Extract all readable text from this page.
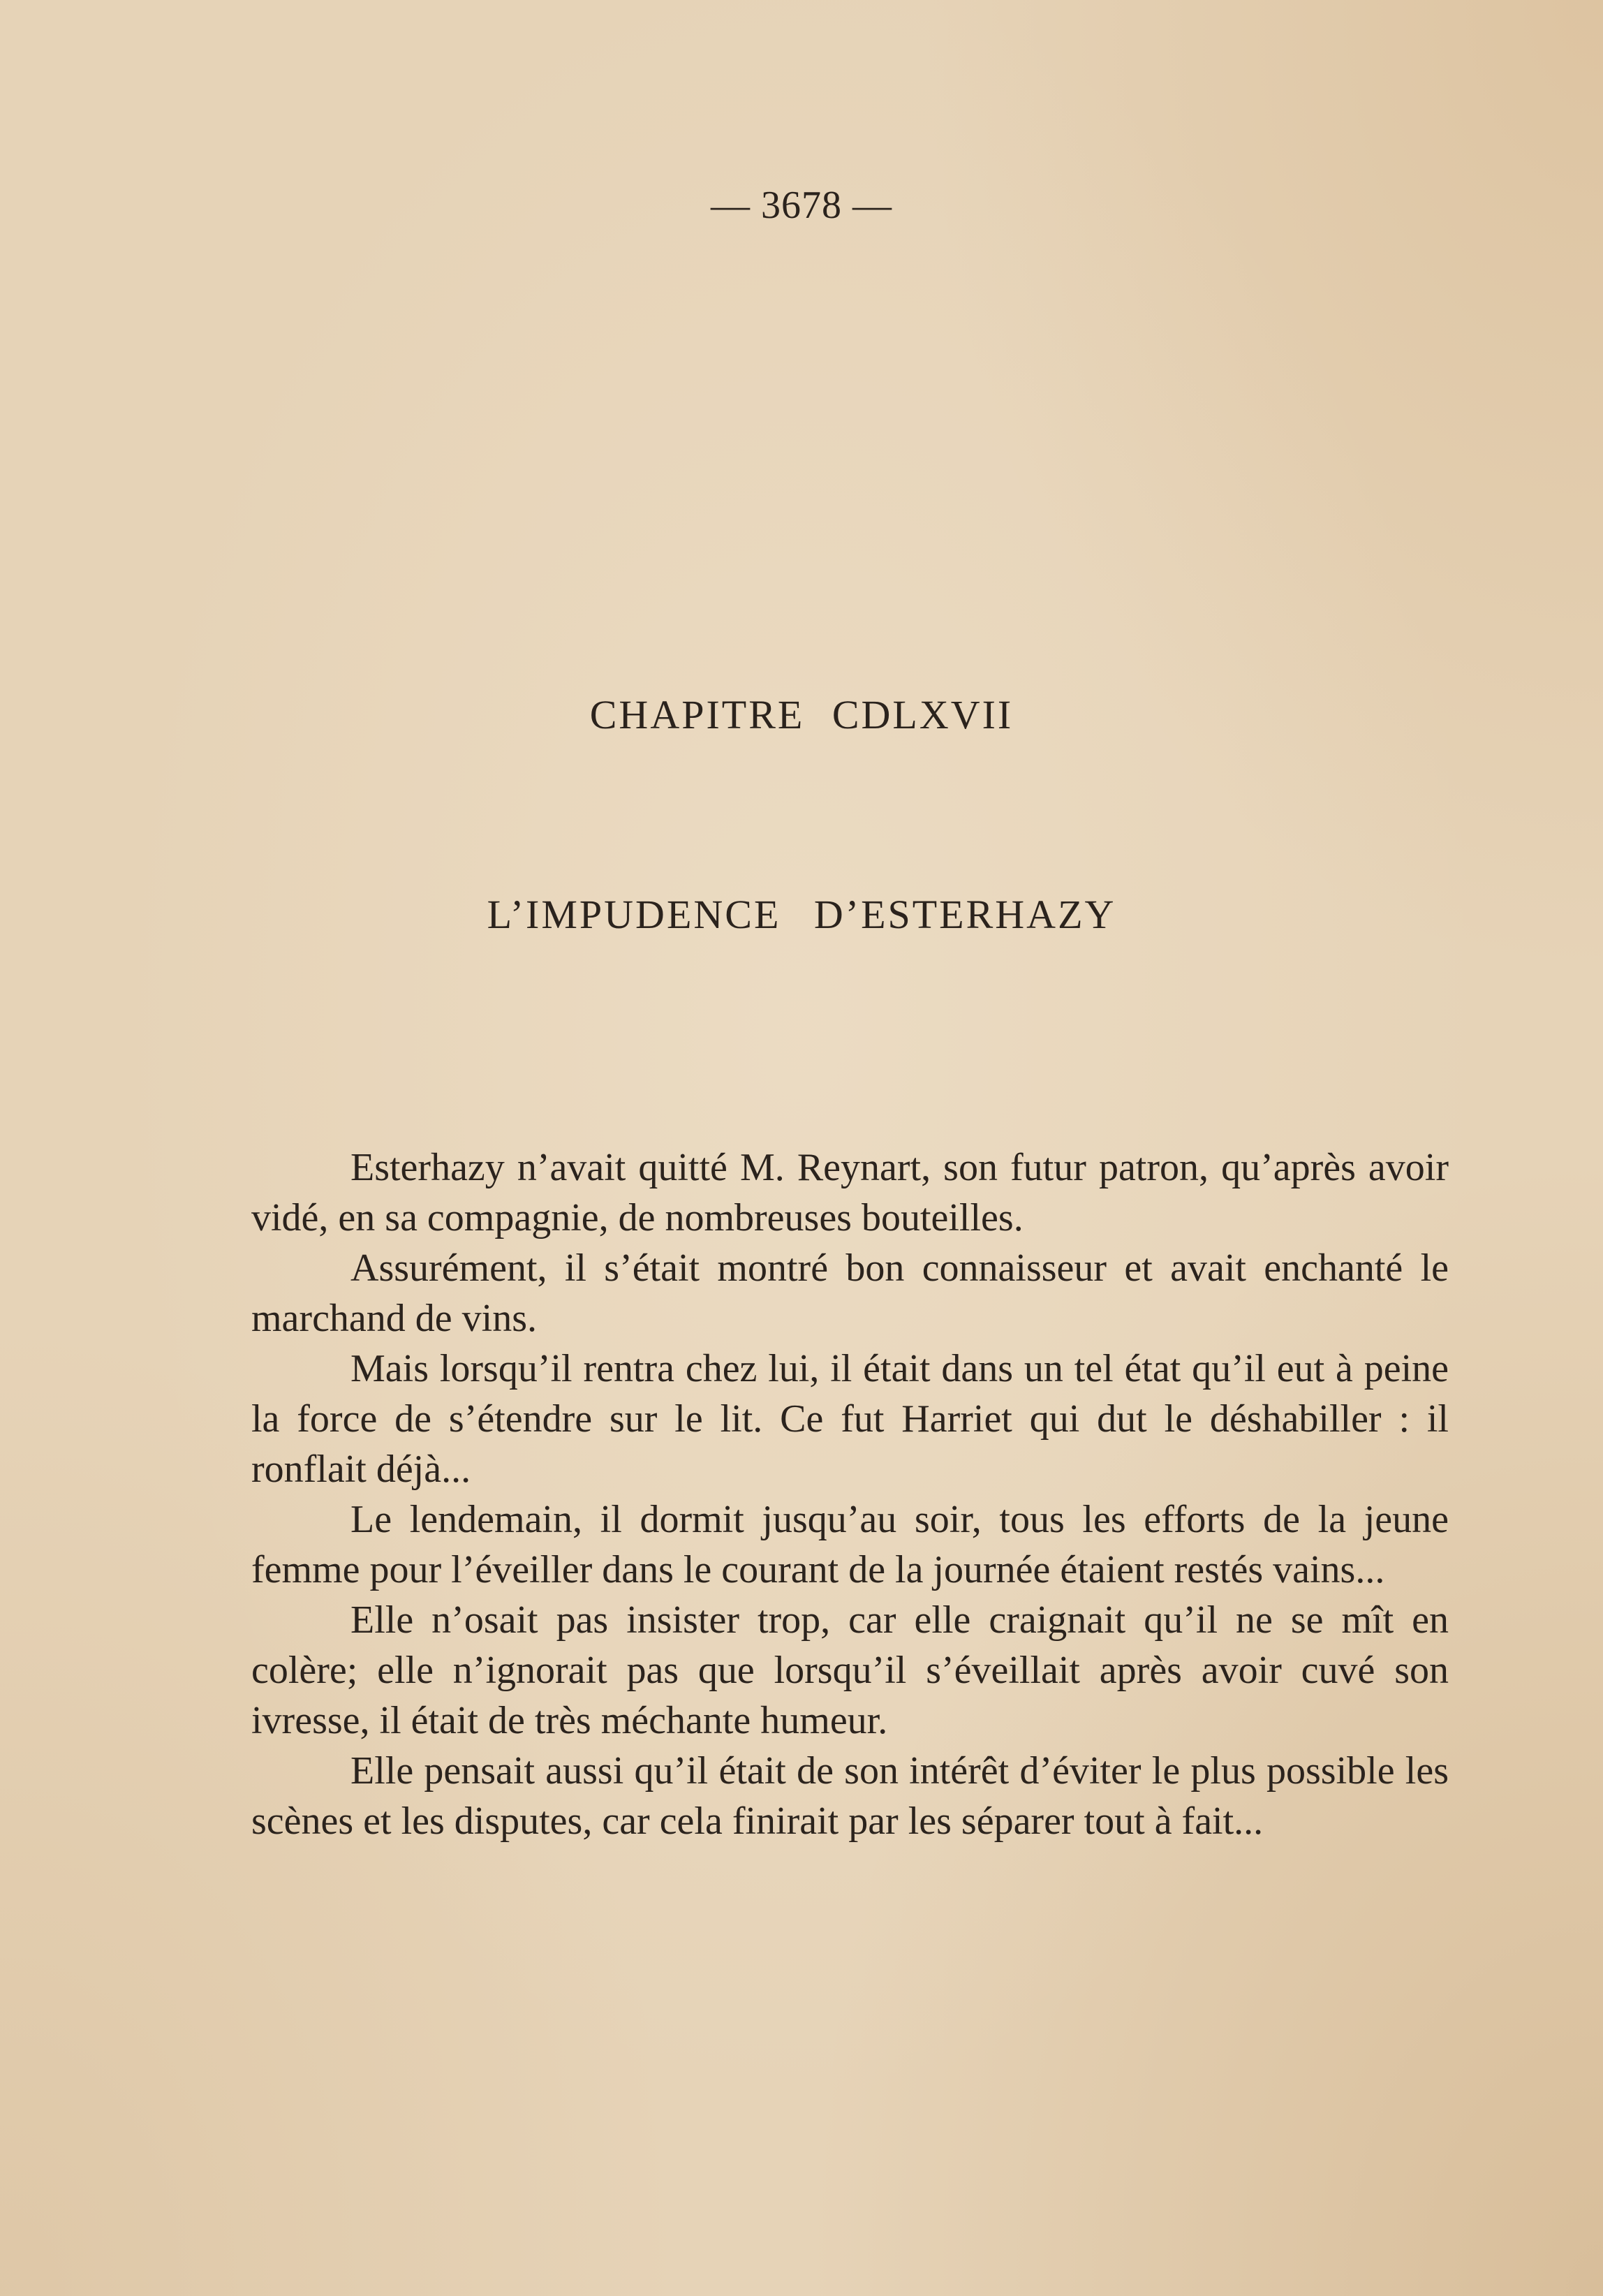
— 3678 —
CHAPITRE CDLXVII
L’IMPUDENCE D’ESTERHAZY

Esterhazy n’avait quitté M. Reynart, son futur patron, qu’après avoir vidé, en sa compagnie, de nombreuses bouteilles.

Assurément, il s’était montré bon connaisseur et avait enchanté le marchand de vins.

Mais lorsqu’il rentra chez lui, il était dans un tel état qu’il eut à peine la force de s’étendre sur le lit. Ce fut Harriet qui dut le déshabiller : il ronflait déjà...

Le lendemain, il dormit jusqu’au soir, tous les efforts de la jeune femme pour l’éveiller dans le courant de la journée étaient restés vains...

Elle n’osait pas insister trop, car elle craignait qu’il ne se mît en colère; elle n’ignorait pas que lorsqu’il s’éveillait après avoir cuvé son ivresse, il était de très méchante humeur.

Elle pensait aussi qu’il était de son intérêt d’éviter le plus possible les scènes et les disputes, car cela finirait par les séparer tout à fait...
